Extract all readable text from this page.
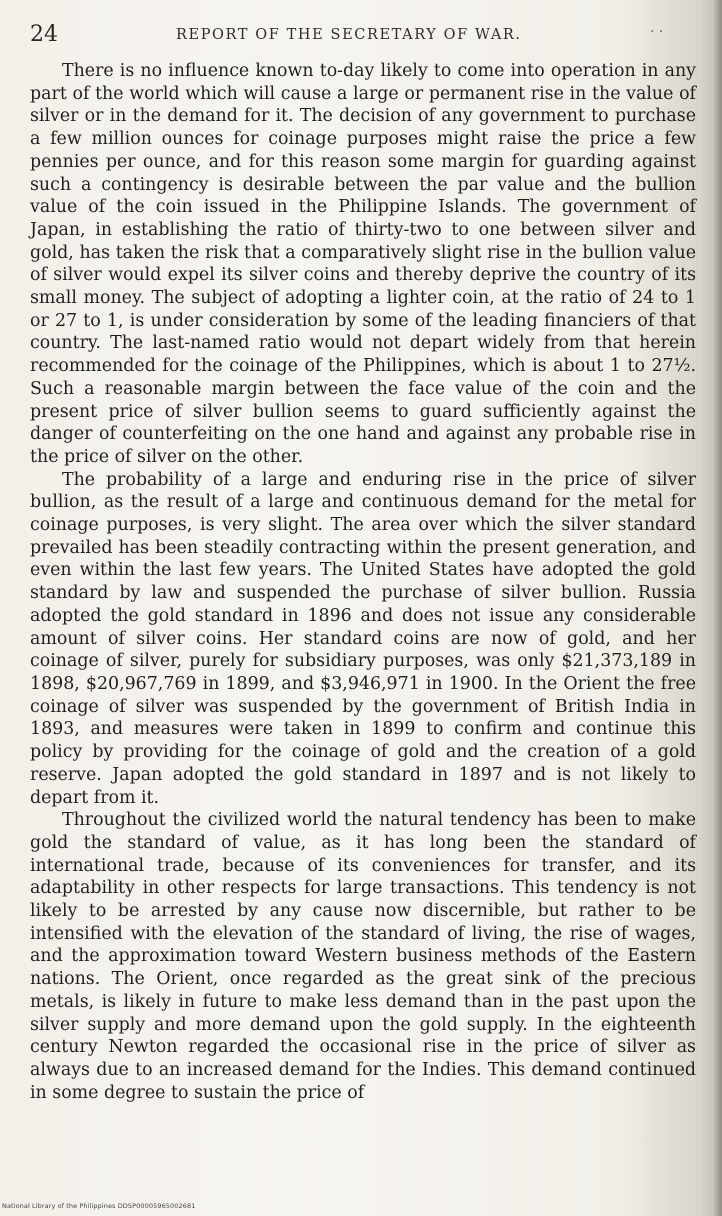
24	REPORT OF THE SECRETARY OF WAR.	· ·

There is no influence known to-day likely to come into operation in any part of the world which will cause a large or permanent rise in the value of silver or in the demand for it. The decision of any government to purchase a few million ounces for coinage purposes might raise the price a few pennies per ounce, and for this reason some margin for guarding against such a contingency is desirable between the par value and the bullion value of the coin issued in the Philippine Islands. The government of Japan, in establishing the ratio of thirty-two to one between silver and gold, has taken the risk that a comparatively slight rise in the bullion value of silver would expel its silver coins and thereby deprive the country of its small money. The subject of adopting a lighter coin, at the ratio of 24 to 1 or 27 to 1, is under consideration by some of the leading financiers of that country. The last-named ratio would not depart widely from that herein recommended for the coinage of the Philippines, which is about 1 to 27½. Such a reasonable margin between the face value of the coin and the present price of silver bullion seems to guard sufficiently against the danger of counterfeiting on the one hand and against any probable rise in the price of silver on the other.

The probability of a large and enduring rise in the price of silver bullion, as the result of a large and continuous demand for the metal for coinage purposes, is very slight. The area over which the silver standard prevailed has been steadily contracting within the present generation, and even within the last few years. The United States have adopted the gold standard by law and suspended the purchase of silver bullion. Russia adopted the gold standard in 1896 and does not issue any considerable amount of silver coins. Her standard coins are now of gold, and her coinage of silver, purely for subsidiary purposes, was only $21,373,189 in 1898, $20,967,769 in 1899, and $3,946,971 in 1900. In the Orient the free coinage of silver was suspended by the government of British India in 1893, and measures were taken in 1899 to confirm and continue this policy by providing for the coinage of gold and the creation of a gold reserve. Japan adopted the gold standard in 1897 and is not likely to depart from it.

Throughout the civilized world the natural tendency has been to make gold the standard of value, as it has long been the standard of international trade, because of its conveniences for transfer, and its adaptability in other respects for large transactions. This tendency is not likely to be arrested by any cause now discernible, but rather to be intensified with the elevation of the standard of living, the rise of wages, and the approximation toward Western business methods of the Eastern nations. The Orient, once regarded as the great sink of the precious metals, is likely in future to make less demand than in the past upon the silver supply and more demand upon the gold supply. In the eighteenth century Newton regarded the occasional rise in the price of silver as always due to an increased demand for the Indies. This demand continued in some degree to sustain the price of

National Library of the Philippines DDSP00005965002681
